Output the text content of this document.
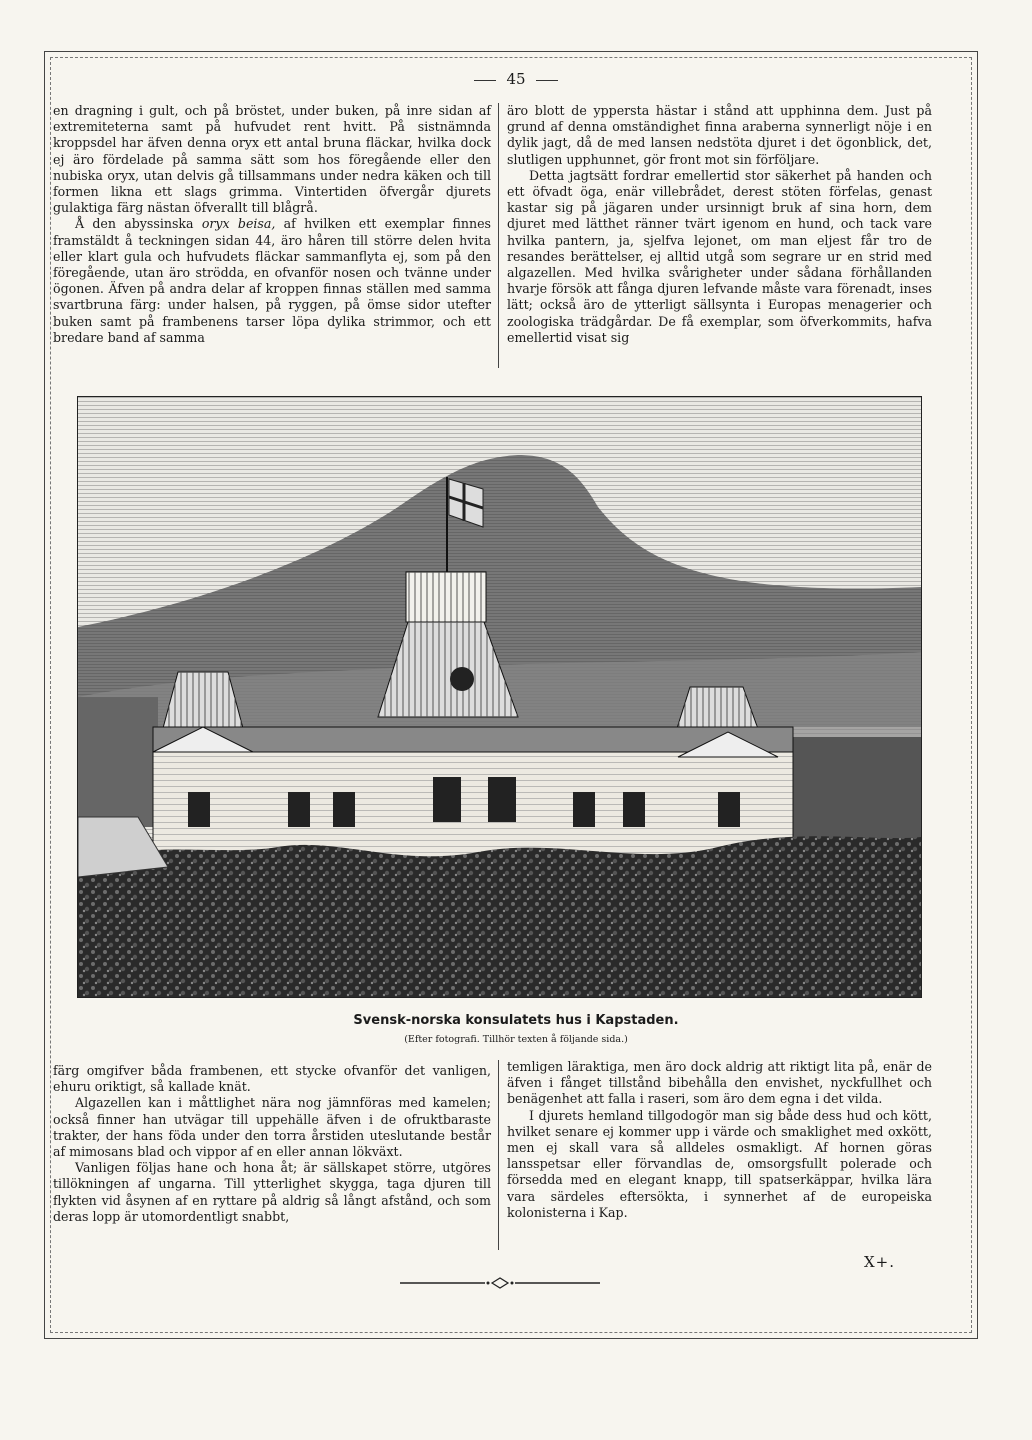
45

en dragning i gult, och på bröstet, under buken, på inre sidan af extremiteterna samt på hufvudet rent hvitt. På sistnämnda kroppsdel har äfven denna oryx ett antal bruna fläckar, hvilka dock ej äro fördelade på samma sätt som hos föregående eller den nubiska oryx, utan delvis gå tillsammans under nedra käken och till formen likna ett slags grimma. Vintertiden öfvergår djurets gulaktiga färg nästan öfverallt till blågrå.

Å den abyssinska oryx beisa, af hvilken ett exemplar finnes framstäldt å teckningen sidan 44, äro håren till större delen hvita eller klart gula och hufvudets fläckar sammanflyta ej, som på den föregående, utan äro strödda, en ofvanför nosen och tvänne under ögonen. Äfven på andra delar af kroppen finnas ställen med samma svartbruna färg: under halsen, på ryggen, på ömse sidor utefter buken samt på frambenens tarser löpa dylika strimmor, och ett bredare band af samma

äro blott de yppersta hästar i stånd att upphinna dem. Just på grund af denna omständighet finna araberna synnerligt nöje i en dylik jagt, då de med lansen nedstöta djuret i det ögonblick, det, slutligen upphunnet, gör front mot sin förföljare.

Detta jagtsätt fordrar emellertid stor säkerhet på handen och ett öfvadt öga, enär villebrådet, derest stöten förfelas, genast kastar sig på jägaren under ursinnigt bruk af sina horn, dem djuret med lätthet ränner tvärt igenom en hund, och tack vare hvilka pantern, ja, sjelfva lejonet, om man eljest får tro de resandes berättelser, ej alltid utgå som segrare ur en strid med algazellen. Med hvilka svårigheter under sådana förhållanden hvarje försök att fånga djuren lefvande måste vara förenadt, inses lätt; också äro de ytterligt sällsynta i Europas menagerier och zoologiska trädgårdar. De få exemplar, som öfverkommits, hafva emellertid visat sig

Svensk-norska konsulatets hus i Kapstaden.
(Efter fotografi. Tillhör texten å följande sida.)

färg omgifver båda frambenen, ett stycke ofvanför det vanligen, ehuru oriktigt, så kallade knät.

Algazellen kan i måttlighet nära nog jämnföras med kamelen; också finner han utvägar till uppehälle äfven i de ofruktbaraste trakter, der hans föda under den torra årstiden uteslutande består af mimosans blad och vippor af en eller annan lökväxt.

Vanligen följas hane och hona åt; är sällskapet större, utgöres tillökningen af ungarna. Till ytterlighet skygga, taga djuren till flykten vid åsynen af en ryttare på aldrig så långt afstånd, och som deras lopp är utomordentligt snabbt,

temligen läraktiga, men äro dock aldrig att riktigt lita på, enär de äfven i fånget tillstånd bibehålla den envishet, nyckfullhet och benägenhet att falla i raseri, som äro dem egna i det vilda.

I djurets hemland tillgodogör man sig både dess hud och kött, hvilket senare ej kommer upp i värde och smaklighet med oxkött, men ej skall vara så alldeles osmakligt. Af hornen göras lansspetsar eller förvandlas de, omsorgsfullt polerade och försedda med en elegant knapp, till spatserkäppar, hvilka lära vara särdeles eftersökta, i synnerhet af de europeiska kolonisterna i Kap.

X+.
